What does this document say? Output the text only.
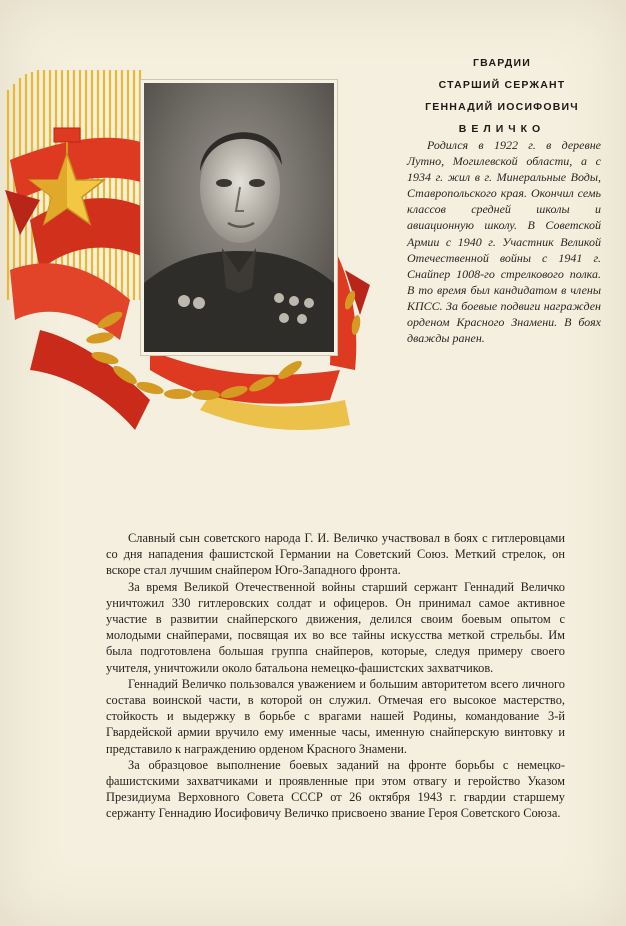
ГВАРДИИ
СТАРШИЙ СЕРЖАНТ
ГЕННАДИЙ ИОСИФОВИЧ
ВЕЛИЧКО

Родился в 1922 г. в деревне Лутно, Могилевской области, а с 1934 г. жил в г. Минеральные Воды, Ставропольского края. Окончил семь классов средней школы и авиационную школу. В Советской Армии с 1940 г. Участник Великой Отечественной войны с 1941 г. Снайпер 1008-го стрелкового полка. В то время был кандидатом в члены КПСС. За боевые подвиги награжден орденом Красного Знамени. В боях дважды ранен.

Славный сын советского народа Г. И. Величко участвовал в боях с гитлеровцами со дня нападения фашистской Германии на Советский Союз. Меткий стрелок, он вскоре стал лучшим снайпером Юго-Западного фронта.

За время Великой Отечественной войны старший сержант Геннадий Величко уничтожил 330 гитлеровских солдат и офицеров. Он принимал самое активное участие в развитии снайперского движения, делился своим боевым опытом с молодыми снайперами, посвящая их во все тайны искусства меткой стрельбы. Им была подготовлена большая группа снайперов, которые, следуя примеру своего учителя, уничтожили около батальона немецко-фашистских захватчиков.

Геннадий Величко пользовался уважением и большим авторитетом всего личного состава воинской части, в которой он служил. Отмечая его высокое мастерство, стойкость и выдержку в борьбе с врагами нашей Родины, командование 3-й Гвардейской армии вручило ему именные часы, именную снайперскую винтовку и представило к награждению орденом Красного Знамени.

За образцовое выполнение боевых заданий на фронте борьбы с немецко-фашистскими захватчиками и проявленные при этом отвагу и геройство Указом Президиума Верховного Совета СССР от 26 октября 1943 г. гвардии старшему сержанту Геннадию Иосифовичу Величко присвоено звание Героя Советского Союза.
